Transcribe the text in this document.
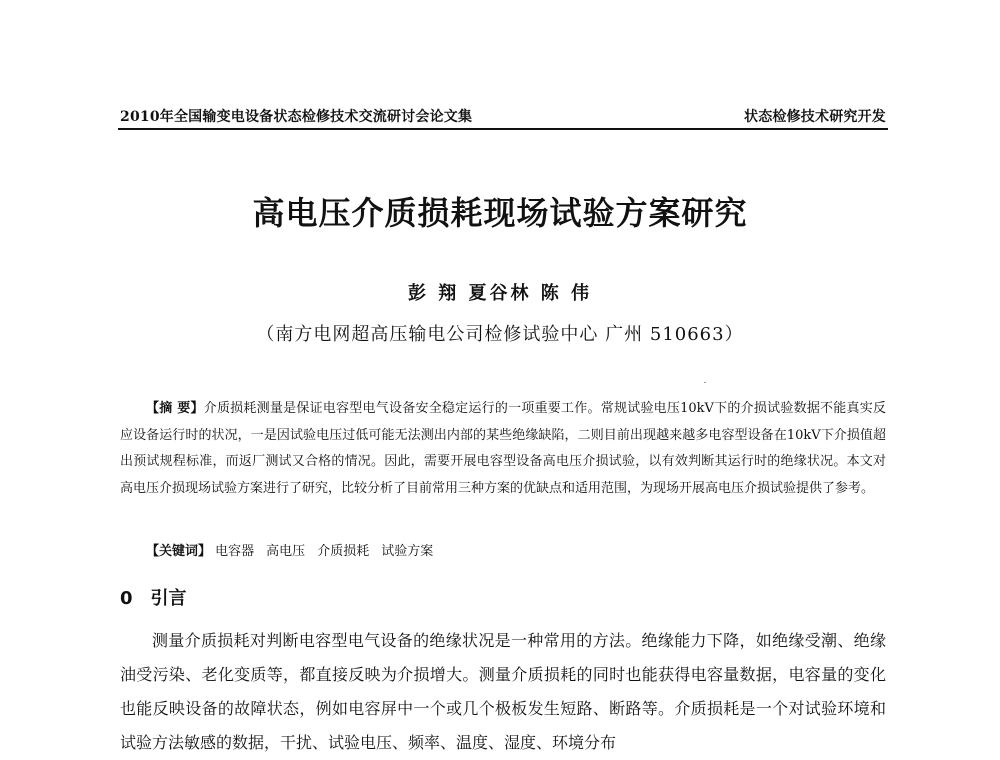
2010年全国输变电设备状态检修技术交流研讨会论文集	状态检修技术研究开发
高电压介质损耗现场试验方案研究
彭 翔 夏谷林 陈 伟
（南方电网超高压输电公司检修试验中心 广州 510663）
【摘 要】介质损耗测量是保证电容型电气设备安全稳定运行的一项重要工作。常规试验电压10kV下的介损试验数据不能真实反应设备运行时的状况，一是因试验电压过低可能无法测出内部的某些绝缘缺陷，二则目前出现越来越多电容型设备在10kV下介损值超出预试规程标准，而返厂测试又合格的情况。因此，需要开展电容型设备高电压介损试验，以有效判断其运行时的绝缘状况。本文对高电压介损现场试验方案进行了研究，比较分析了目前常用三种方案的优缺点和适用范围，为现场开展高电压介损试验提供了参考。
【关键词】 电容器 高电压 介质损耗 试验方案
0 引言
测量介质损耗对判断电容型电气设备的绝缘状况是一种常用的方法。绝缘能力下降，如绝缘受潮、绝缘油受污染、老化变质等，都直接反映为介损增大。测量介质损耗的同时也能获得电容量数据，电容量的变化也能反映设备的故障状态，例如电容屏中一个或几个极板发生短路、断路等。介质损耗是一个对试验环境和试验方法敏感的数据，干扰、试验电压、频率、温度、湿度、环境分布
